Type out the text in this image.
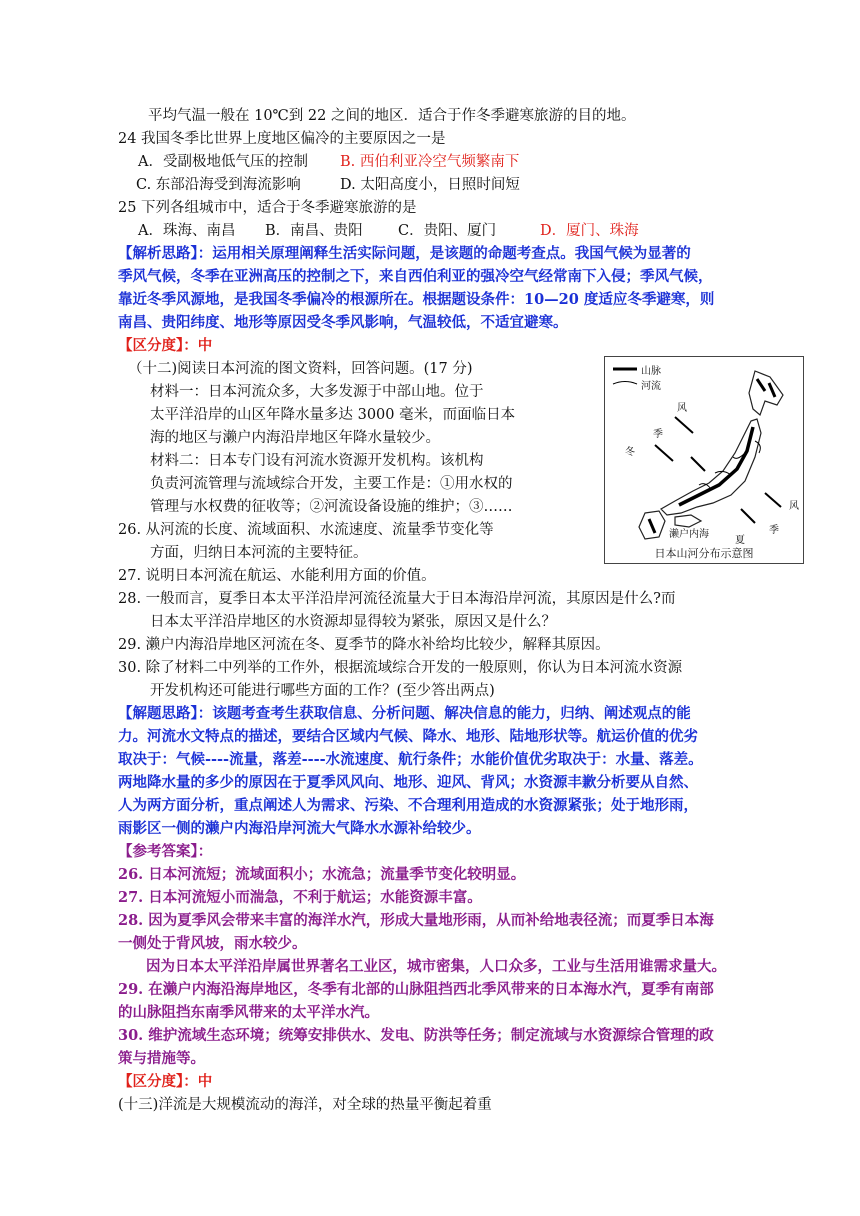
平均气温一般在 10℃到 22 之间的地区．适合于作冬季避寒旅游的目的地。
24 我国冬季比世界上度地区偏冷的主要原因之一是
A．受副极地低气压的控制 B. 西伯利亚冷空气频繁南下
C. 东部沿海受到海流影响	D. 太阳高度小，日照时间短
25 下列各组城市中，适合于冬季避寒旅游的是
A．珠海、南昌 B．南昌、贵阳 C．贵阳、厦门	D．厦门、珠海
【解析思路】：运用相关原理阐释生活实际问题，是该题的命题考查点。我国气候为显著的
季风气候，冬季在亚洲高压的控制之下，来自西伯利亚的强冷空气经常南下入侵；季风气候，
靠近冬季风源地，是我国冬季偏冷的根源所在。根据题设条件：10—20 度适应冬季避寒，则
南昌、贵阳纬度、地形等原因受冬季风影响，气温较低，不适宜避寒。
【区分度】：中
（十二)阅读日本河流的图文资料，回答问题。(17 分)
材料一：日本河流众多，大多发源于中部山地。位于
太平洋沿岸的山区年降水量多达 3000 毫米，而面临日本
海的地区与濑户内海沿岸地区年降水量较少。
材料二：日本专门设有河流水资源开发机构。该机构
负责河流管理与流域综合开发，主要工作是：①用水权的
管理与水权费的征收等；②河流设备设施的维护；③……
26. 从河流的长度、流域面积、水流速度、流量季节变化等
方面，归纳日本河流的主要特征。
27. 说明日本河流在航运、水能利用方面的价值。
28. 一般而言，夏季日本太平洋沿岸河流径流量大于日本海沿岸河流，其原因是什么?而
日本太平洋沿岸地区的水资源却显得较为紧张，原因又是什么？
29. 濑户内海沿岸地区河流在冬、夏季节的降水补给均比较少，解释其原因。
30. 除了材料二中列举的工作外，根据流域综合开发的一般原则，你认为日本河流水资源
开发机构还可能进行哪些方面的工作？(至少答出两点)
【解题思路】：该题考查考生获取信息、分析问题、解决信息的能力，归纳、阐述观点的能
力。河流水文特点的描述，要结合区域内气候、降水、地形、陆地形状等。航运价值的优劣
取决于：气候----流量，落差----水流速度、航行条件；水能价值优劣取决于：水量、落差。
两地降水量的多少的原因在于夏季风风向、地形、迎风、背风；水资源丰歉分析要从自然、
人为两方面分析，重点阐述人为需求、污染、不合理利用造成的水资源紧张；处于地形雨，
雨影区一侧的濑户内海沿岸河流大气降水水源补给较少。
【参考答案】：
26. 日本河流短；流域面积小；水流急；流量季节变化较明显。
27. 日本河流短小而湍急，不利于航运；水能资源丰富。
28. 因为夏季风会带来丰富的海洋水汽，形成大量地形雨，从而补给地表径流；而夏季日本海
一侧处于背风坡，雨水较少。
因为日本太平洋沿岸属世界著名工业区，城市密集，人口众多，工业与生活用谁需求量大。
29. 在濑户内海沿海岸地区，冬季有北部的山脉阻挡西北季风带来的日本海水汽，夏季有南部
的山脉阻挡东南季风带来的太平洋水汽。
30. 维护流域生态环境；统筹安排供水、发电、防洪等任务；制定流域与水资源综合管理的政
策与措施等。
【区分度】：中
(十三)洋流是大规模流动的海洋，对全球的热量平衡起着重
山脉
河流
风
季
冬
风
季
夏
濑户内海
日本山河分布示意图
